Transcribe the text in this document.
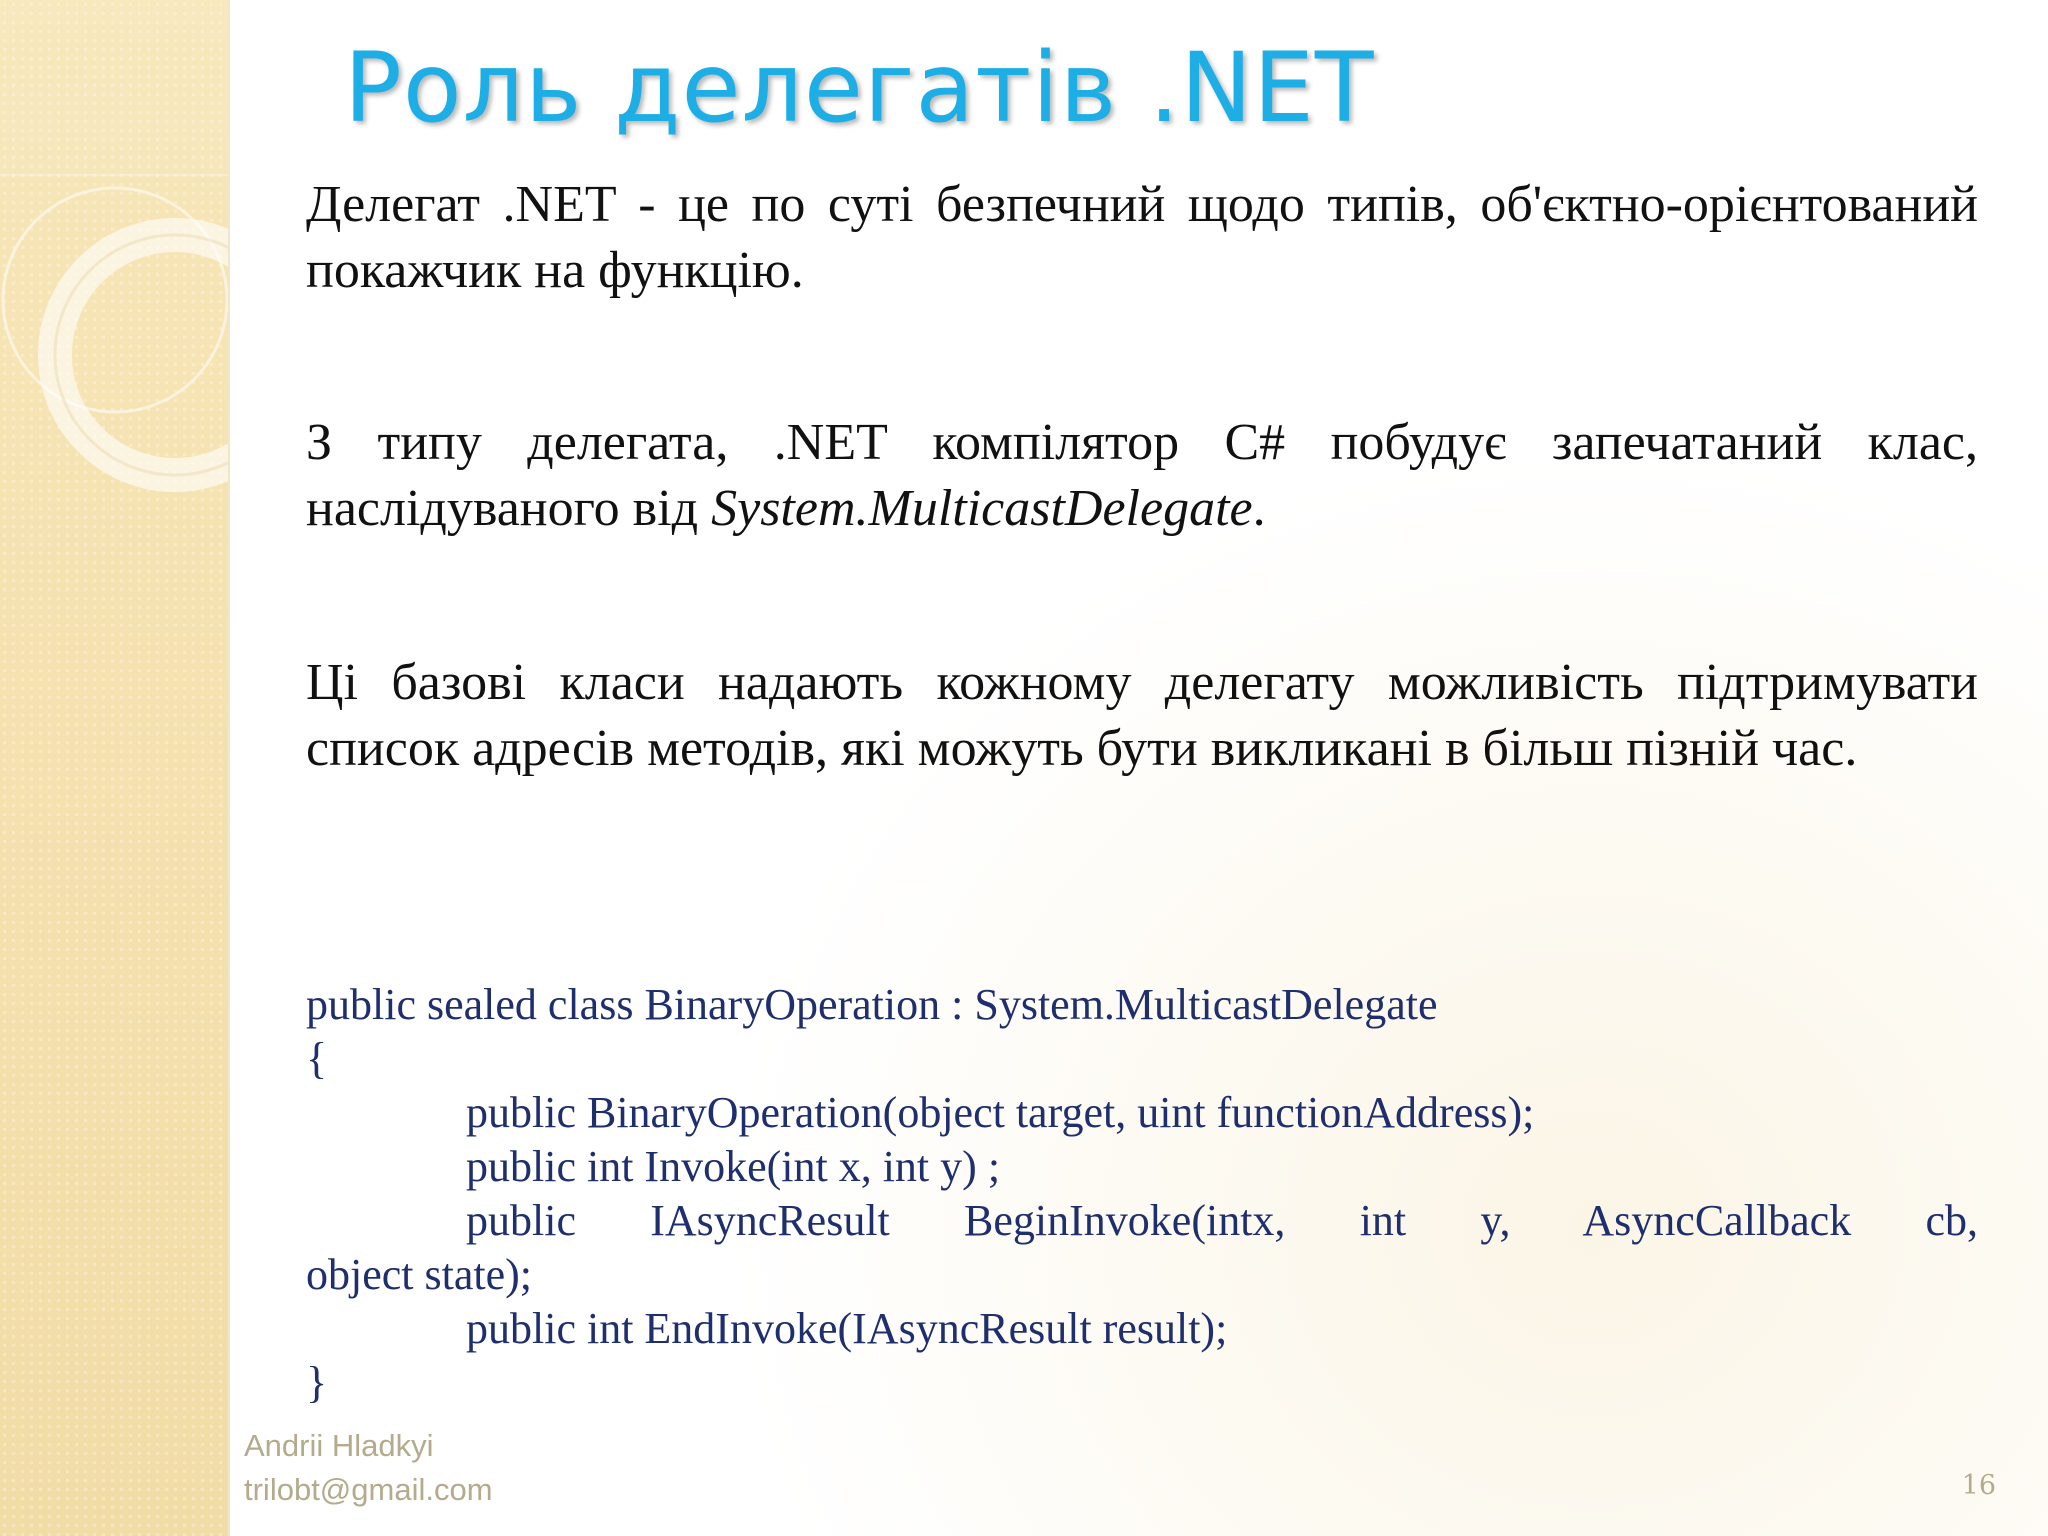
Роль делегатів .NET

Делегат .NET - це по суті безпечний щодо типів, об'єктно-орієнтований покажчик на функцію.

З типу делегата, .NET компілятор C# побудує запечатаний клас, наслідуваного від System.MulticastDelegate.

Ці базові класи надають кожному делегату можливість підтримувати список адресів методів, які можуть бути викликані в більш пізній час.

public sealed class BinaryOperation : System.MulticastDelegate
{
public BinaryOperation(object target, uint functionAddress);
public int Invoke(int x, int y) ;
public IAsyncResult BeginInvoke(intx, int y, AsyncCallback cb,
object state);
public int EndInvoke(IAsyncResult result);
}
Andrii Hladkyi
trilobt@gmail.com	16
